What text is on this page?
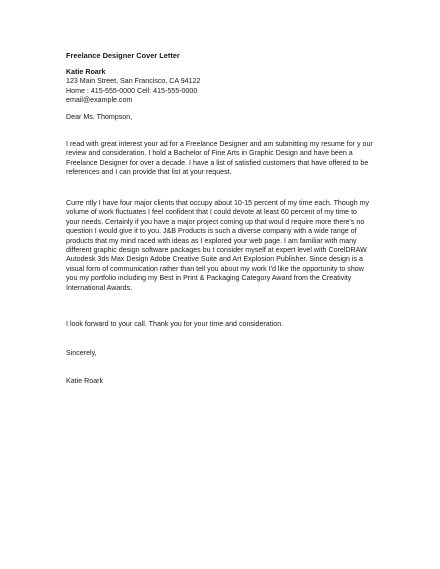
Freelance Designer Cover Letter
Katie Roark
123 Main Street, San Francisco, CA 94122
Home : 415-555-0000 Cell: 415-555-0000
email@example.com
Dear Ms. Thompson,
I read with great interest your ad for a Freelance Designer and am submitting my resume for y our
review and consideration. I hold a Bachelor of Fine Arts in Graphic Design and have been a
Freelance Designer for over a decade. I have a list of satisfied customers that have offered to be
references and I can provide that list at your request.
Curre ntly I have four major clients that occupy about 10-15 percent of my time each. Though my
volume of work fluctuates I feel confident that I could devote at least 60 percent of my time to
your needs. Certainly if you have a major project coming up that woul d require more there's no
question I would give it to you. J&B Products is such a diverse company with a wide range of
products that my mind raced with ideas as I explored your web page. I am familiar with many
different graphic design software packages bu t consider myself at expert level with CorelDRAW
Autodesk 3ds Max Design Adobe Creative Suite and Art Explosion Publisher. Since design is a
visual form of communication rather than tell you about my work I'd like the opportunity to show
you my portfolio including my Best in Print & Packaging Category Award from the Creativity
International Awards.
I look forward to your call. Thank you for your time and consideration.
Sincerely,
Katie Roark
